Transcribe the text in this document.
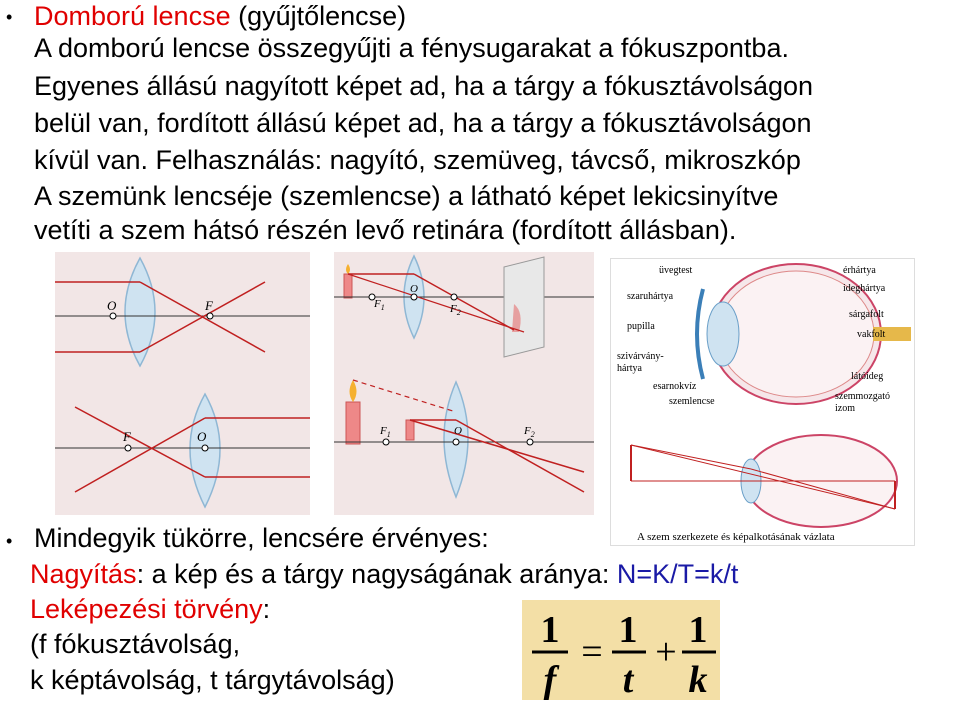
• Domború lencse (gyűjtőlencse)
A domború lencse összegyűjti a fénysugarakat a fókuszpontba.
Egyenes állású nagyított képet ad, ha a tárgy a fókusztávolságon
belül van, fordított állású képet ad, ha a tárgy a fókusztávolságon
kívül van. Felhasználás: nagyító, szemüveg, távcső, mikroszkóp
A szemünk lencséje (szemlencse) a látható képet lekicsinyítve
vetíti a szem hátsó részén levő retinára (fordított állásban).
O	F
F	O
$F_1$
O
$F_2$
$F_1$	O	$F_2$
üvegtest
szaruhártya
pupilla
szivárvány-
hártya
esarnokvíz
szemlencse
érhártya
ideghártya
sárgafolt
vakfolt
látóideg
szemmozgató
izom
A szem szerkezete és képalkotásának vázlata
• Mindegyik tükörre, lencsére érvényes:
Nagyítás: a kép és a tárgy nagyságának aránya: N=K/T=k/t
Leképezési törvény:
(f fókusztávolság,
k képtávolság, t tárgytávolság)
1
f
=
1
t
+
1
k
